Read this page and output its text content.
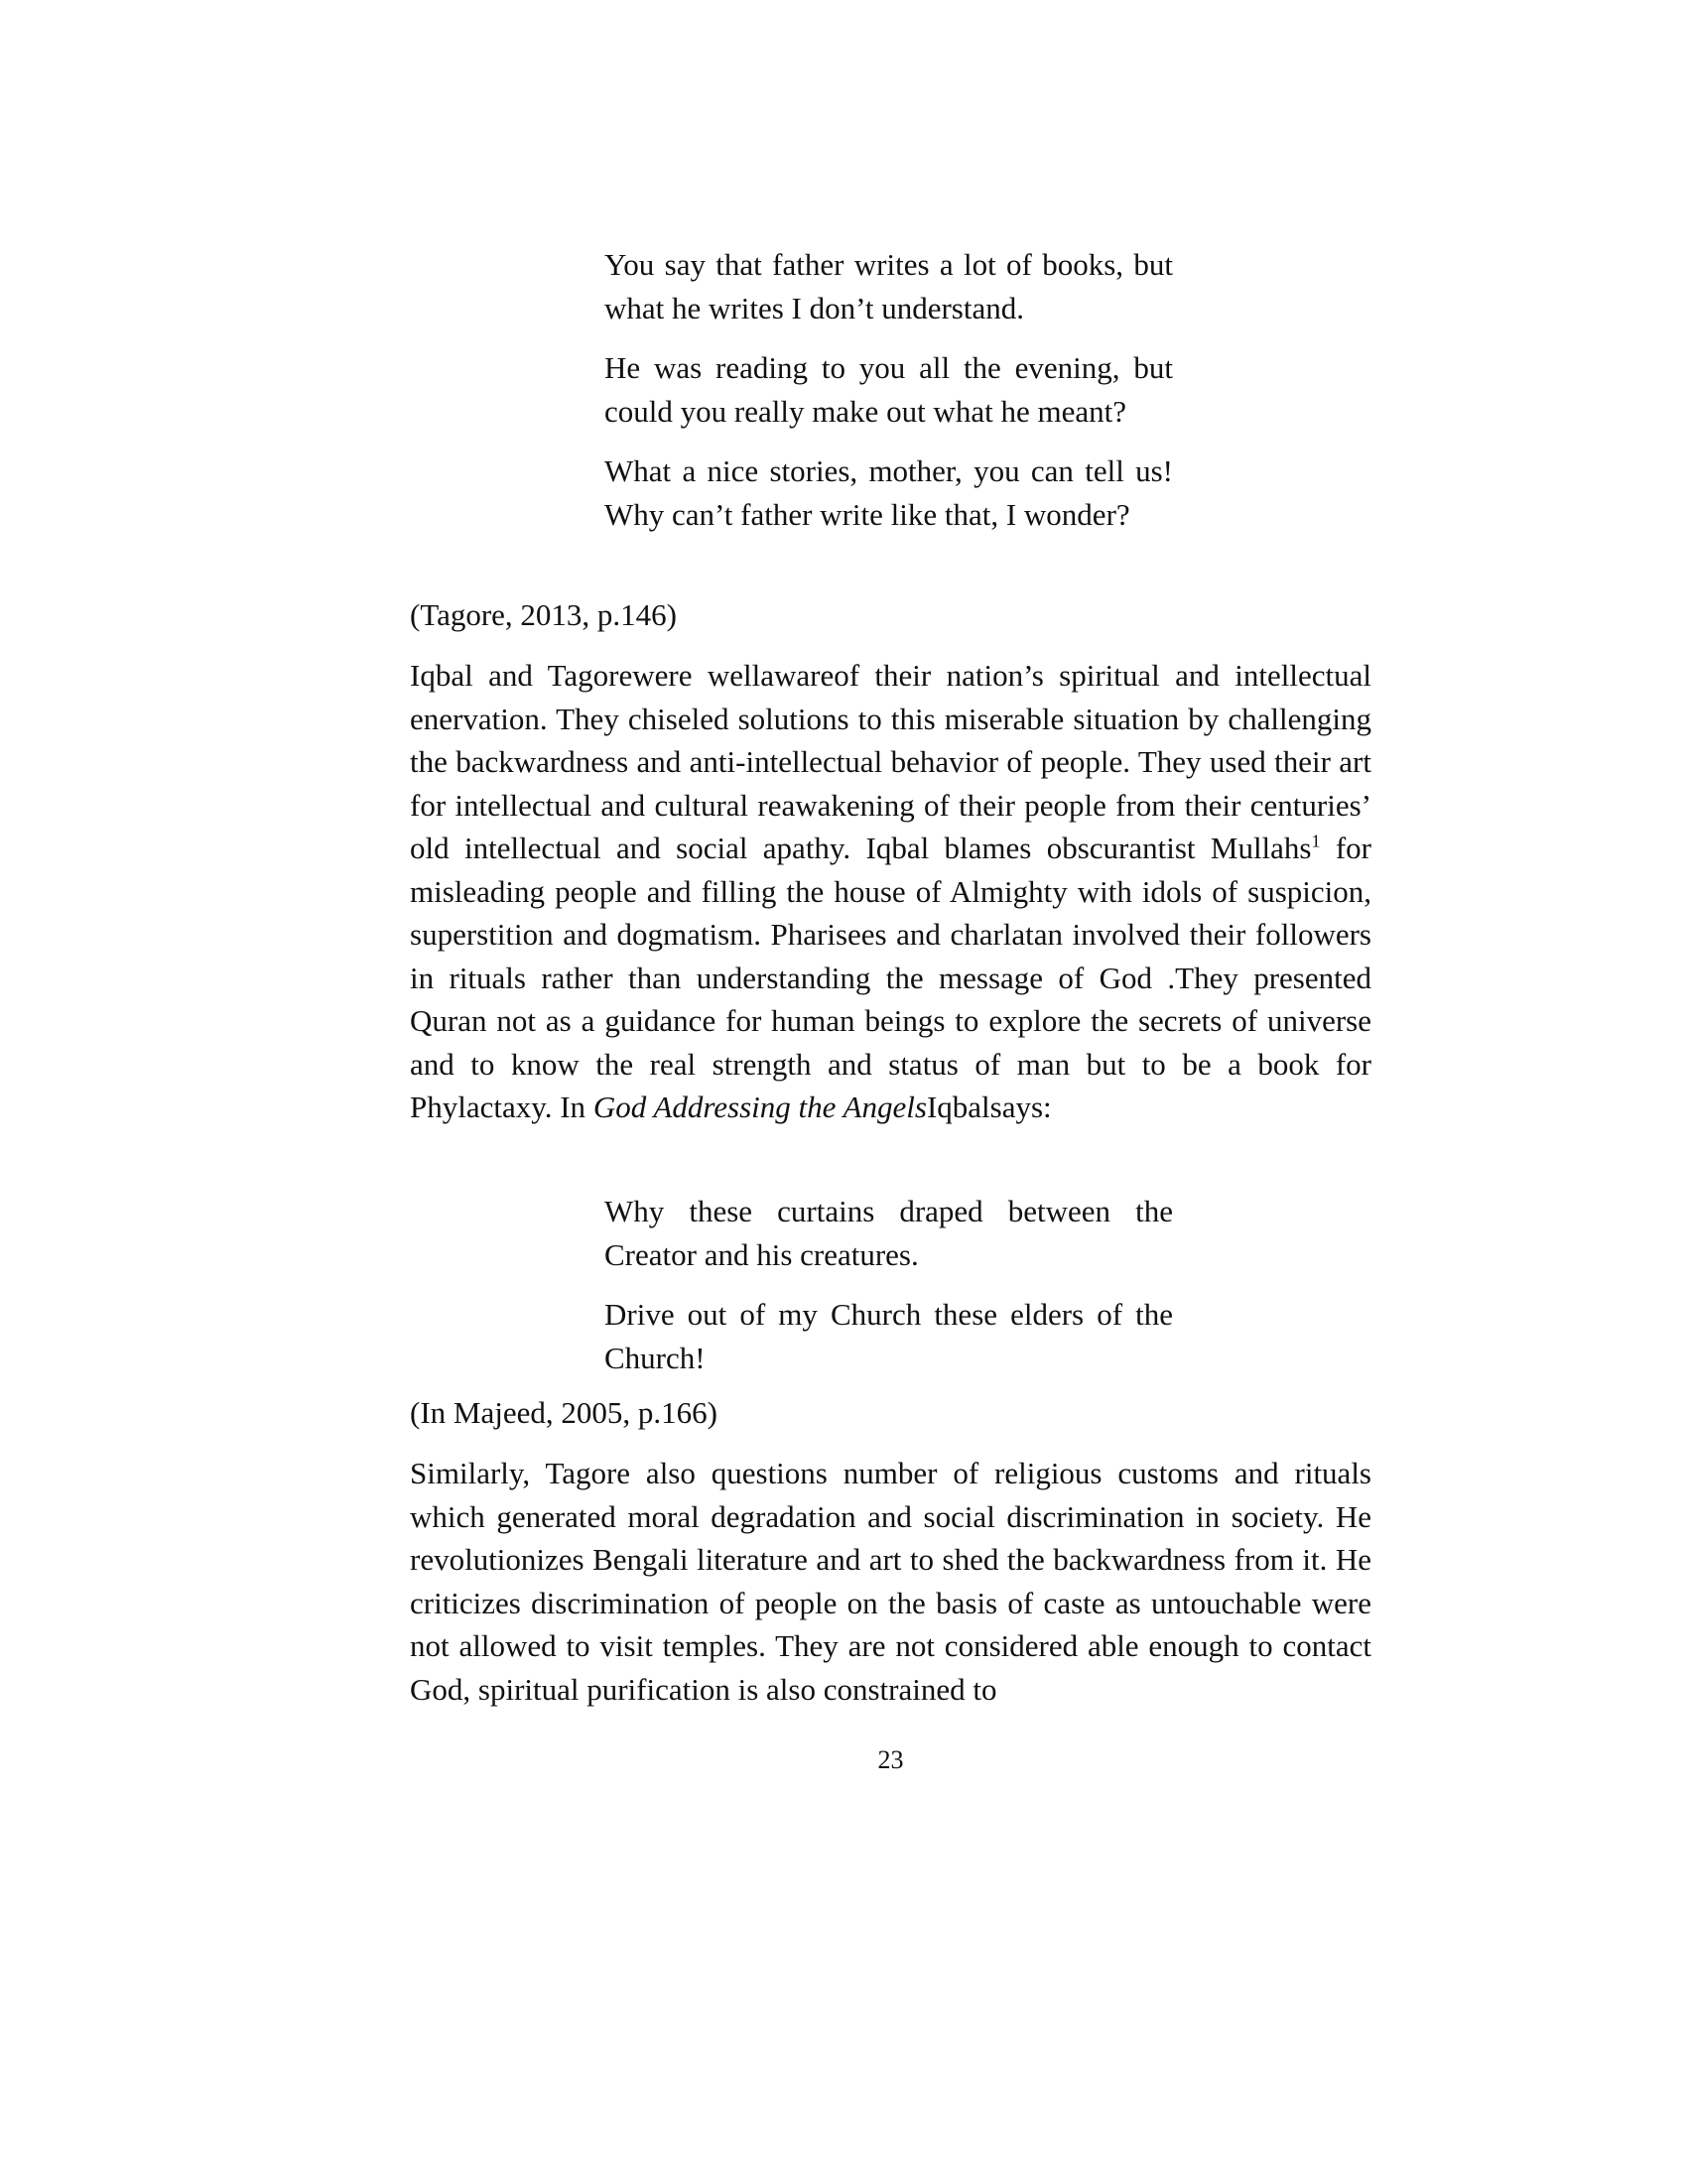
You say that father writes a lot of books, but what he writes I don’t understand.

He was reading to you all the evening, but could you really make out what he meant?

What a nice stories, mother, you can tell us! Why can’t father write like that, I wonder?

(Tagore, 2013, p.146)

Iqbal and Tagorewere wellawareof their nation’s spiritual and intellectual enervation. They chiseled solutions to this miserable situation by challenging the backwardness and anti-intellectual behavior of people. They used their art for intellectual and cultural reawakening of their people from their centuries’ old intellectual and social apathy. Iqbal blames obscurantist Mullahs$^1$ for misleading people and filling the house of Almighty with idols of suspicion, superstition and dogmatism. Pharisees and charlatan involved their followers in rituals rather than understanding the message of God .They presented Quran not as a guidance for human beings to explore the secrets of universe and to know the real strength and status of man but to be a book for Phylactaxy. In God Addressing the AngelsIqbalsays:

Why these curtains draped between the Creator and his creatures.

Drive out of my Church these elders of the Church!

(In Majeed, 2005, p.166)

Similarly, Tagore also questions number of religious customs and rituals which generated moral degradation and social discrimination in society. He revolutionizes Bengali literature and art to shed the backwardness from it. He criticizes discrimination of people on the basis of caste as untouchable were not allowed to visit temples. They are not considered able enough to contact God, spiritual purification is also constrained to

23
